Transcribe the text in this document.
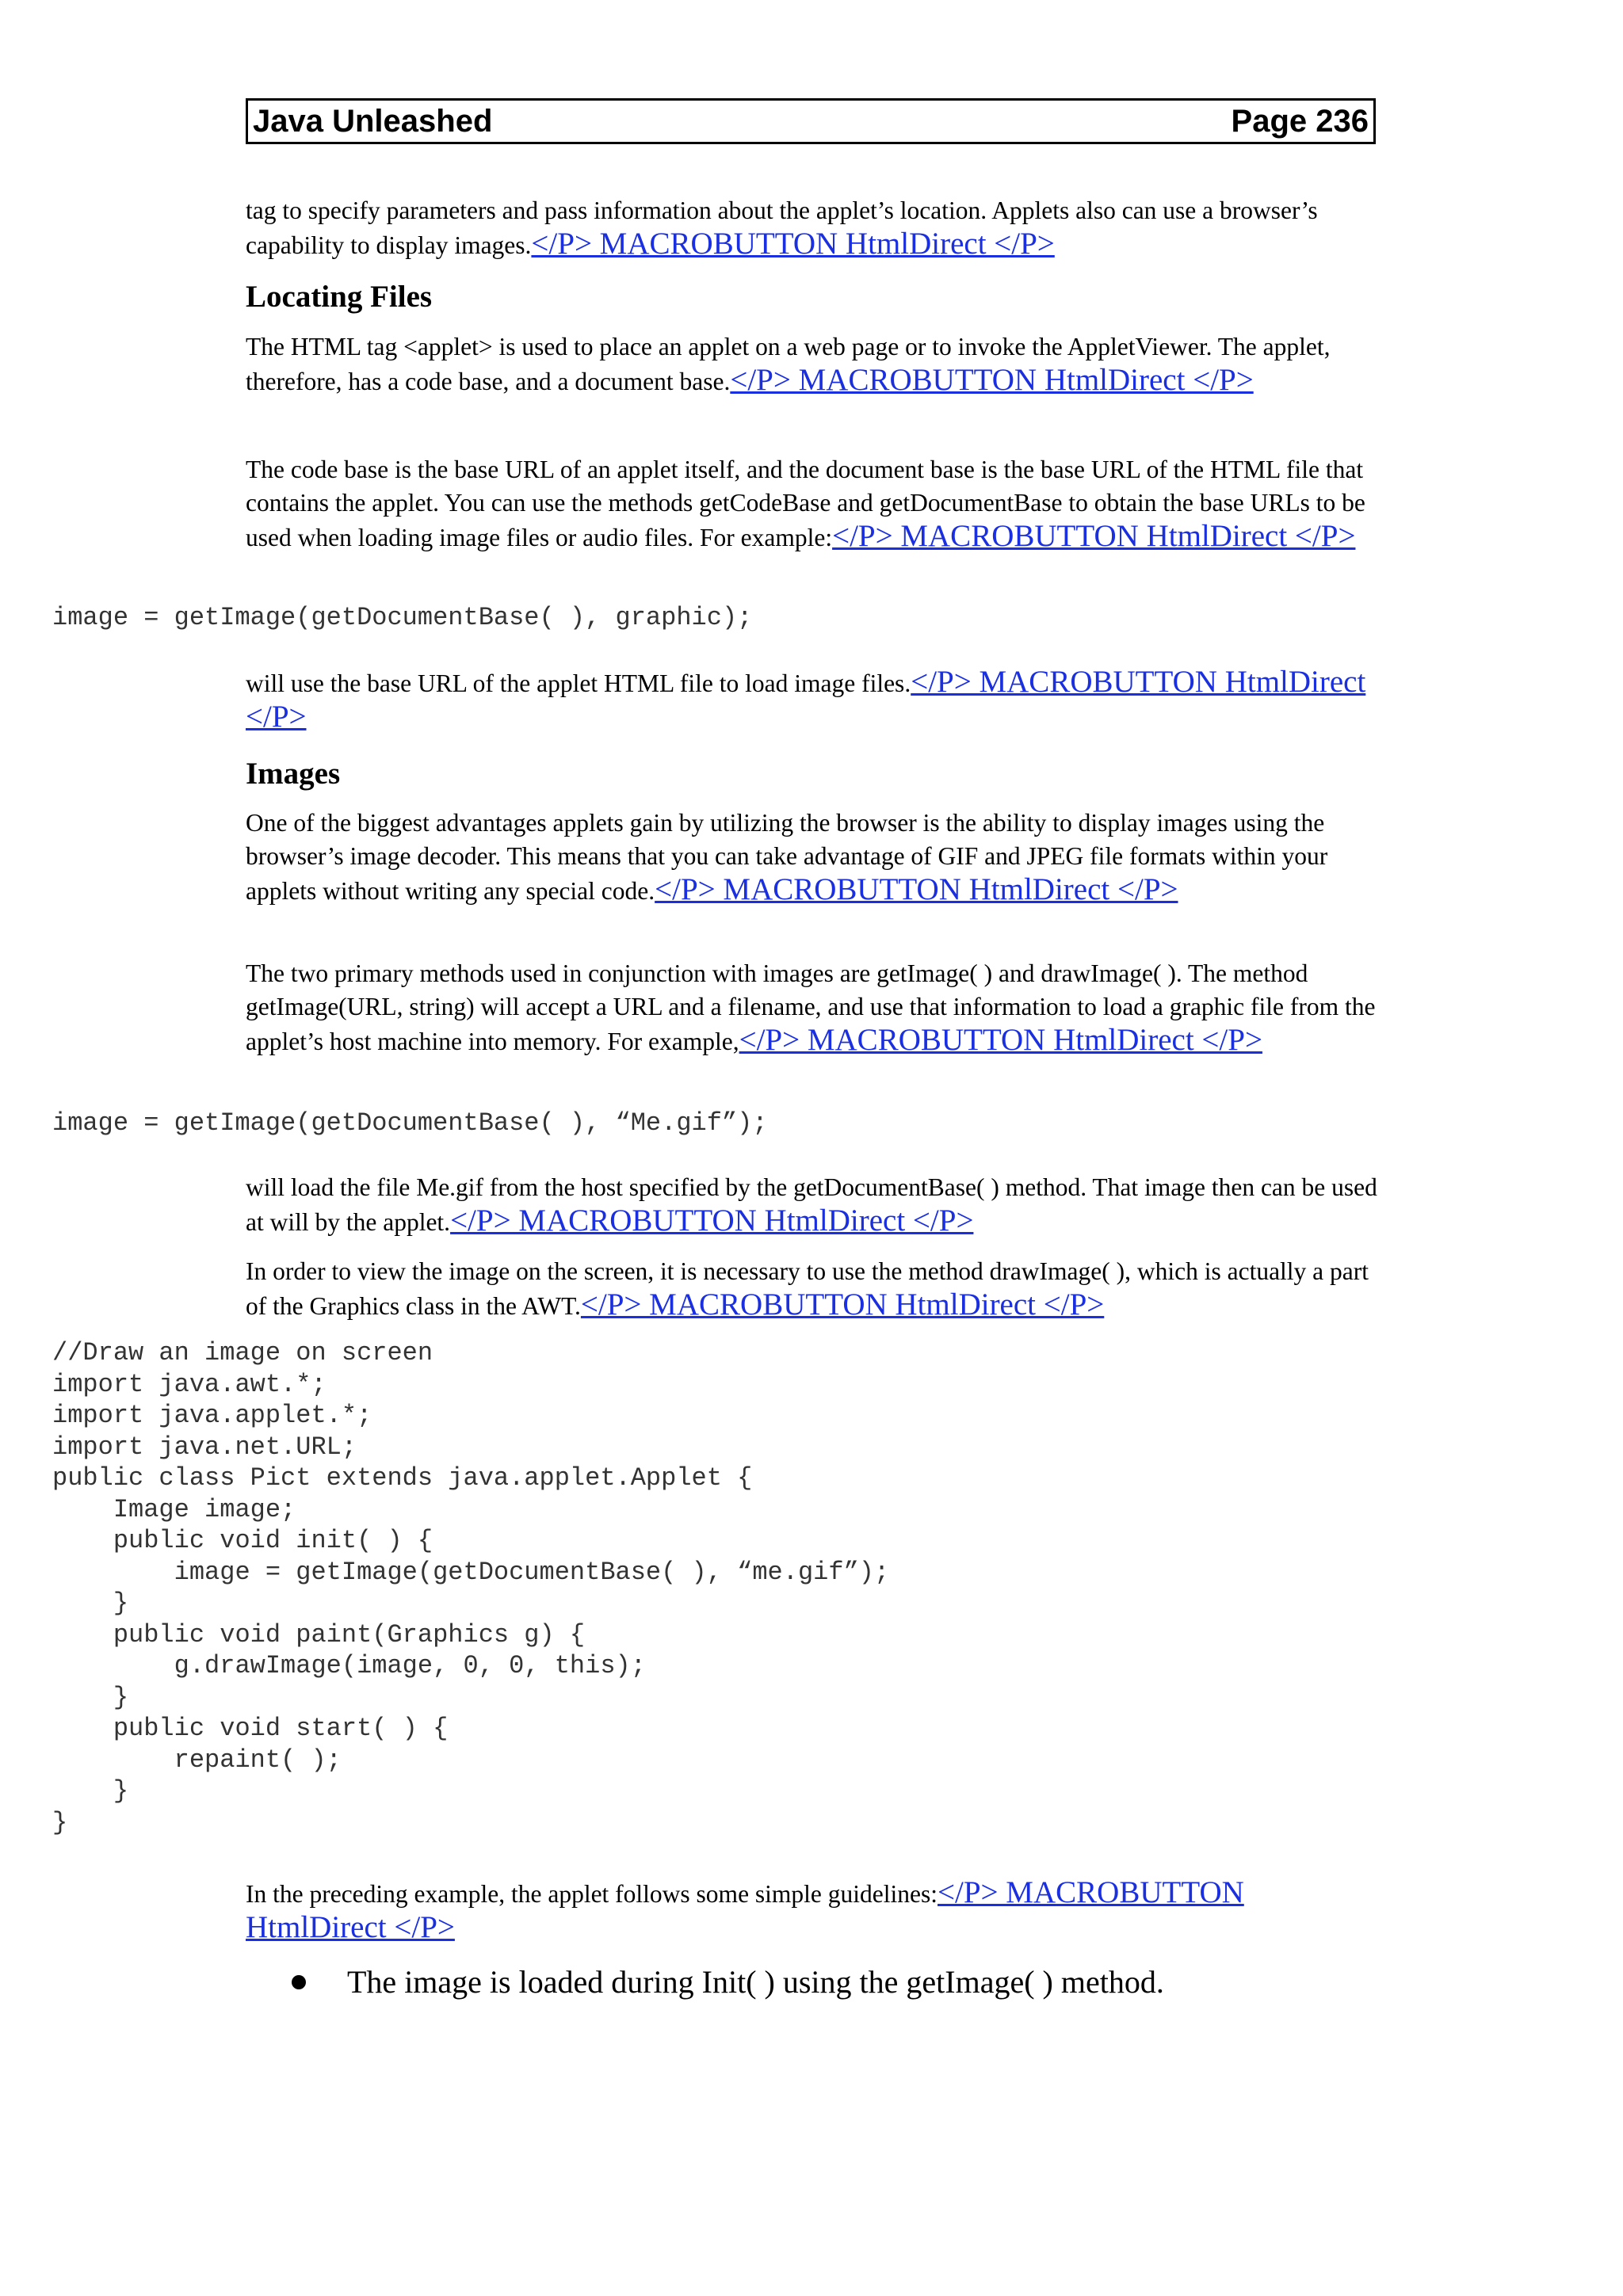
Java Unleashed	Page 236
tag to specify parameters and pass information about the applet’s location. Applets also can use a browser’s capability to display images.</P> MACROBUTTON HtmlDirect </P>
Locating Files
The HTML tag <applet> is used to place an applet on a web page or to invoke the AppletViewer. The applet, therefore, has a code base, and a document base.</P> MACROBUTTON HtmlDirect </P>
The code base is the base URL of an applet itself, and the document base is the base URL of the HTML file that contains the applet. You can use the methods getCodeBase and getDocumentBase to obtain the base URLs to be used when loading image files or audio files. For example:</P> MACROBUTTON HtmlDirect </P>
image = getImage(getDocumentBase( ), graphic);
will use the base URL of the applet HTML file to load image files.</P> MACROBUTTON HtmlDirect </P>
Images
One of the biggest advantages applets gain by utilizing the browser is the ability to display images using the browser’s image decoder. This means that you can take advantage of GIF and JPEG file formats within your applets without writing any special code.</P> MACROBUTTON HtmlDirect </P>
The two primary methods used in conjunction with images are getImage( ) and drawImage( ). The method getImage(URL, string) will accept a URL and a filename, and use that information to load a graphic file from the applet’s host machine into memory. For example,</P> MACROBUTTON HtmlDirect </P>
image = getImage(getDocumentBase( ), “Me.gif”);
will load the file Me.gif from the host specified by the getDocumentBase( ) method. That image then can be used at will by the applet.</P> MACROBUTTON HtmlDirect </P>
In order to view the image on the screen, it is necessary to use the method drawImage( ), which is actually a part of the Graphics class in the AWT.</P> MACROBUTTON HtmlDirect </P>
//Draw an image on screen
import java.awt.*;
import java.applet.*;
import java.net.URL;
public class Pict extends java.applet.Applet {
Image image;
public void init( ) {
image = getImage(getDocumentBase( ), “me.gif”);
}
public void paint(Graphics g) {
g.drawImage(image, 0, 0, this);
}
public void start( ) {
repaint( );
}
}
In the preceding example, the applet follows some simple guidelines:</P> MACROBUTTON HtmlDirect </P>
The image is loaded during Init( ) using the getImage( ) method.
